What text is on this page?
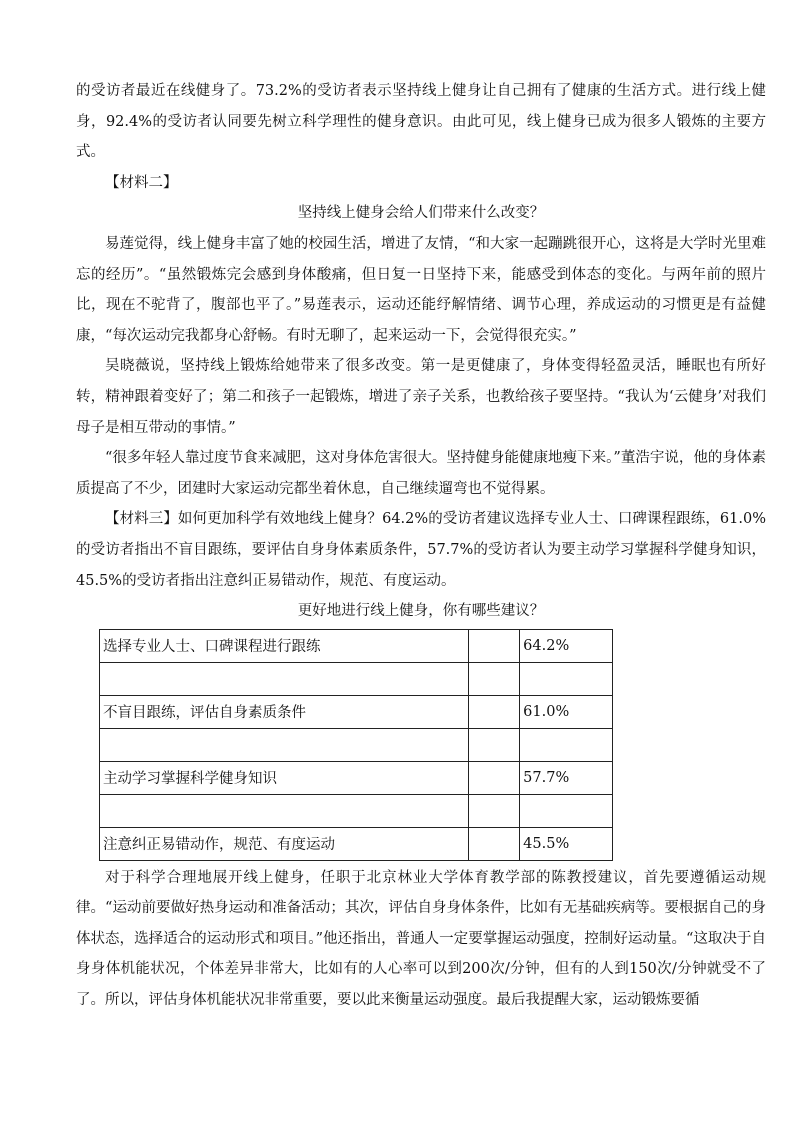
的受访者最近在线健身了。73.2%的受访者表示坚持线上健身让自己拥有了健康的生活方式。进行线上健身，92.4%的受访者认同要先树立科学理性的健身意识。由此可见，线上健身已成为很多人锻炼的主要方式。

【材料二】

坚持线上健身会给人们带来什么改变？

易莲觉得，线上健身丰富了她的校园生活，增进了友情，“和大家一起蹦跳很开心，这将是大学时光里难忘的经历”。“虽然锻炼完会感到身体酸痛，但日复一日坚持下来，能感受到体态的变化。与两年前的照片比，现在不驼背了，腹部也平了。”易莲表示，运动还能纾解情绪、调节心理，养成运动的习惯更是有益健康，“每次运动完我都身心舒畅。有时无聊了，起来运动一下，会觉得很充实。”

吴晓薇说，坚持线上锻炼给她带来了很多改变。第一是更健康了，身体变得轻盈灵活，睡眠也有所好转，精神跟着变好了；第二和孩子一起锻炼，增进了亲子关系，也教给孩子要坚持。“我认为‘云健身’对我们母子是相互带动的事情。”

“很多年轻人靠过度节食来减肥，这对身体危害很大。坚持健身能健康地瘦下来。”董浩宇说，他的身体素质提高了不少，团建时大家运动完都坐着休息，自己继续遛弯也不觉得累。

【材料三】如何更加科学有效地线上健身？64.2%的受访者建议选择专业人士、口碑课程跟练，61.0%的受访者指出不盲目跟练，要评估自身身体素质条件，57.7%的受访者认为要主动学习掌握科学健身知识，45.5%的受访者指出注意纠正易错动作，规范、有度运动。

更好地进行线上健身，你有哪些建议？

选择专业人士、口碑课程进行跟练		64.2%

不盲目跟练，评估自身素质条件		61.0%

主动学习掌握科学健身知识		57.7%

注意纠正易错动作，规范、有度运动		45.5%

对于科学合理地展开线上健身，任职于北京林业大学体育教学部的陈教授建议，首先要遵循运动规律。“运动前要做好热身运动和准备活动；其次，评估自身身体条件，比如有无基础疾病等。要根据自己的身体状态，选择适合的运动形式和项目。”他还指出，普通人一定要掌握运动强度，控制好运动量。“这取决于自身身体机能状况，个体差异非常大，比如有的人心率可以到200次/分钟，但有的人到150次/分钟就受不了了。所以，评估身体机能状况非常重要，要以此来衡量运动强度。最后我提醒大家，运动锻炼要循
